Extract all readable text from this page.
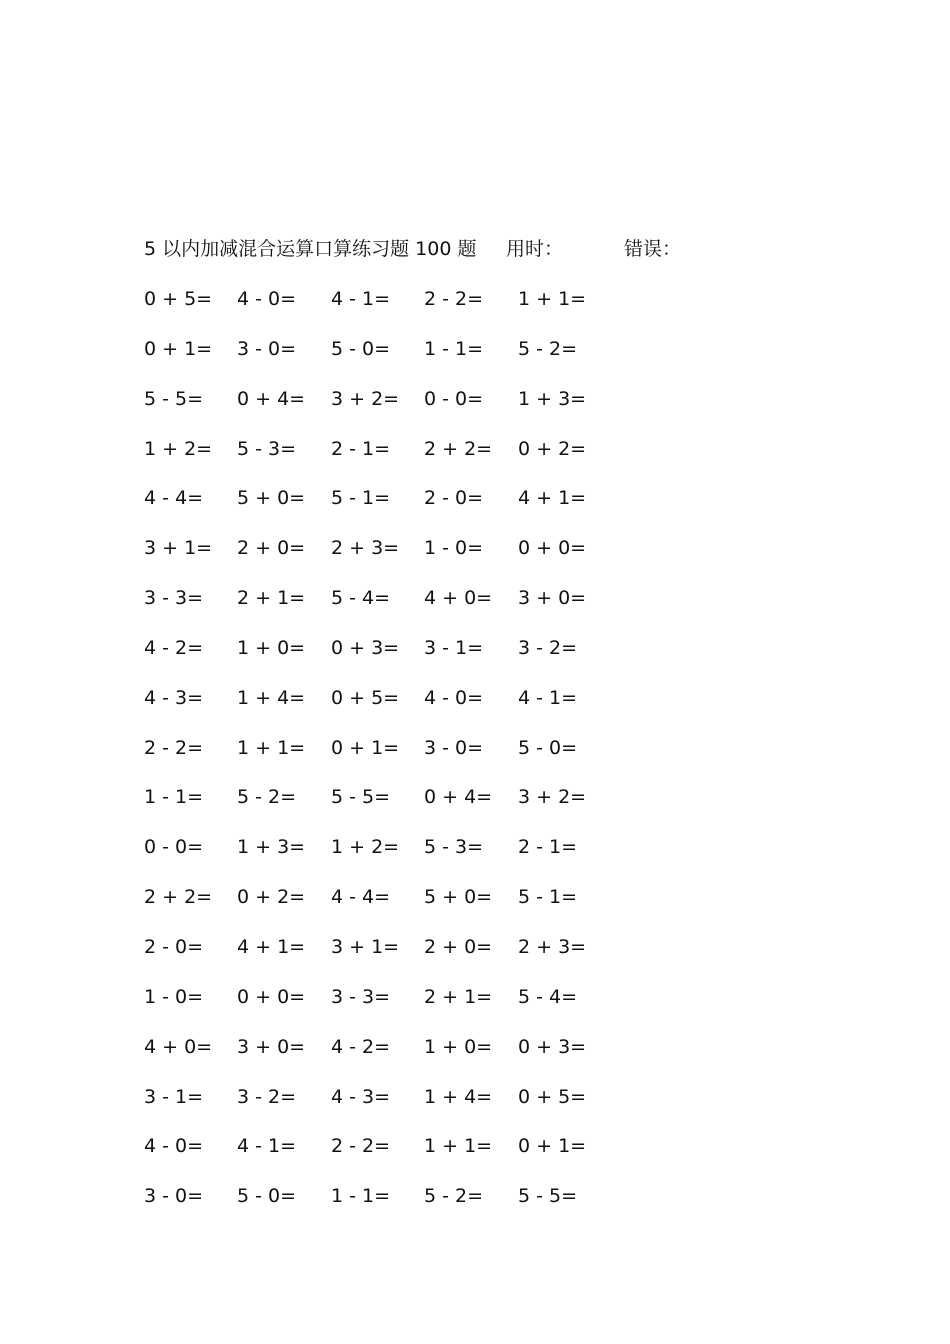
5 以内加减混合运算口算练习题 100 题 用时：	错误：
0 + 5= 4 - 0= 4 - 1= 2 - 2= 1 + 1=
0 + 1= 3 - 0= 5 - 0= 1 - 1= 5 - 2=
5 - 5= 0 + 4= 3 + 2= 0 - 0= 1 + 3=
1 + 2= 5 - 3= 2 - 1= 2 + 2= 0 + 2=
4 - 4= 5 + 0= 5 - 1= 2 - 0= 4 + 1=
3 + 1= 2 + 0= 2 + 3= 1 - 0= 0 + 0=
3 - 3= 2 + 1= 5 - 4= 4 + 0= 3 + 0=
4 - 2= 1 + 0= 0 + 3= 3 - 1= 3 - 2=
4 - 3= 1 + 4= 0 + 5= 4 - 0= 4 - 1=
2 - 2= 1 + 1= 0 + 1= 3 - 0= 5 - 0=
1 - 1= 5 - 2= 5 - 5= 0 + 4= 3 + 2=
0 - 0= 1 + 3= 1 + 2= 5 - 3= 2 - 1=
2 + 2= 0 + 2= 4 - 4= 5 + 0= 5 - 1=
2 - 0= 4 + 1= 3 + 1= 2 + 0= 2 + 3=
1 - 0= 0 + 0= 3 - 3= 2 + 1= 5 - 4=
4 + 0= 3 + 0= 4 - 2= 1 + 0= 0 + 3=
3 - 1= 3 - 2= 4 - 3= 1 + 4= 0 + 5=
4 - 0= 4 - 1= 2 - 2= 1 + 1= 0 + 1=
3 - 0= 5 - 0= 1 - 1= 5 - 2= 5 - 5=
